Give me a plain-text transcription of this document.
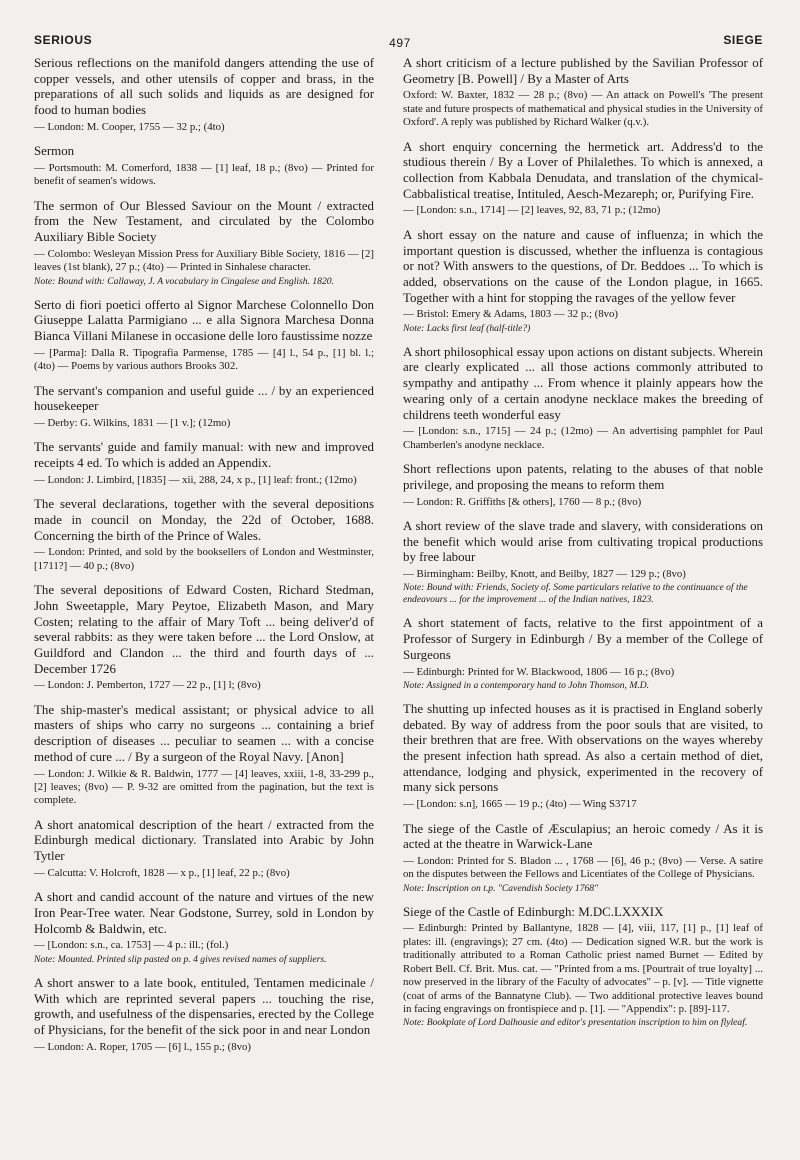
SERIOUS	497	SIEGE

Serious reflections on the manifold dangers attending the use of copper vessels, and other utensils of copper and brass, in the preparations of all such solids and liquids as are designed for food to human bodies

— London: M. Cooper, 1755 — 32 p.; (4to)

Sermon

— Portsmouth: M. Comerford, 1838 — [1] leaf, 18 p.; (8vo) — Printed for benefit of seamen's widows.

The sermon of Our Blessed Saviour on the Mount / extracted from the New Testament, and circulated by the Colombo Auxiliary Bible Society

— Colombo: Wesleyan Mission Press for Auxiliary Bible Society, 1816 — [2] leaves (1st blank), 27 p.; (4to) — Printed in Sinhalese character.

Note: Bound with: Callaway, J. A vocabulary in Cingalese and English. 1820.

Serto di fiori poetici offerto al Signor Marchese Colonnello Don Giuseppe Lalatta Parmigiano ... e alla Signora Marchesa Donna Bianca Villani Milanese in occasione delle loro faustissime nozze

— [Parma]: Dalla R. Tipografia Parmense, 1785 — [4] l., 54 p., [1] bl. l.; (4to) — Poems by various authors Brooks 302.

The servant's companion and useful guide ... / by an experienced housekeeper

— Derby: G. Wilkins, 1831 — [1 v.]; (12mo)

The servants' guide and family manual: with new and improved receipts 4 ed. To which is added an Appendix.

— London: J. Limbird, [1835] — xii, 288, 24, x p., [1] leaf: front.; (12mo)

The several declarations, together with the several depositions made in council on Monday, the 22d of October, 1688. Concerning the birth of the Prince of Wales.

— London: Printed, and sold by the booksellers of London and Westminster, [1711?] — 40 p.; (8vo)

The several depositions of Edward Costen, Richard Stedman, John Sweetapple, Mary Peytoe, Elizabeth Mason, and Mary Costen; relating to the affair of Mary Toft ... being deliver'd of several rabbits: as they were taken before ... the Lord Onslow, at Guildford and Clandon ... the third and fourth days of ... December 1726

— London: J. Pemberton, 1727 — 22 p., [1] l; (8vo)

The ship-master's medical assistant; or physical advice to all masters of ships who carry no surgeons ... containing a brief description of diseases ... peculiar to seamen ... with a concise method of cure ... / By a surgeon of the Royal Navy. [Anon]

— London: J. Wilkie & R. Baldwin, 1777 — [4] leaves, xxiii, 1-8, 33-299 p., [2] leaves; (8vo) — P. 9-32 are omitted from the pagination, but the text is complete.

A short anatomical description of the heart / extracted from the Edinburgh medical dictionary. Translated into Arabic by John Tytler

— Calcutta: V. Holcroft, 1828 — x p., [1] leaf, 22 p.; (8vo)

A short and candid account of the nature and virtues of the new Iron Pear-Tree water. Near Godstone, Surrey, sold in London by Holcomb & Baldwin, etc.

— [London: s.n., ca. 1753] — 4 p.: ill.; (fol.)

Note: Mounted. Printed slip pasted on p. 4 gives revised names of suppliers.

A short answer to a late book, entituled, Tentamen medicinale / With which are reprinted several papers ... touching the rise, growth, and usefulness of the dispensaries, erected by the College of Physicians, for the benefit of the sick poor in and near London

— London: A. Roper, 1705 — [6] l., 155 p.; (8vo)

A short criticism of a lecture published by the Savilian Professor of Geometry [B. Powell] / By a Master of Arts

Oxford: W. Baxter, 1832 — 28 p.; (8vo) — An attack on Powell's 'The present state and future prospects of mathematical and physical studies in the University of Oxford'. A reply was published by Richard Walker (q.v.).

A short enquiry concerning the hermetick art. Address'd to the studious therein / By a Lover of Philalethes. To which is annexed, a collection from Kabbala Denudata, and translation of the chymical-Cabbalistical treatise, Intituled, Aesch-Mezareph; or, Purifying Fire.

— [London: s.n., 1714] — [2] leaves, 92, 83, 71 p.; (12mo)

A short essay on the nature and cause of influenza; in which the important question is discussed, whether the influenza is contagious or not? With answers to the questions, of Dr. Beddoes ... To which is added, observations on the cause of the London plague, in 1665. Together with a hint for stopping the ravages of the yellow fever

— Bristol: Emery & Adams, 1803 — 32 p.; (8vo)

Note: Lacks first leaf (half-title?)

A short philosophical essay upon actions on distant subjects. Wherein are clearly explicated ... all those actions commonly attributed to sympathy and antipathy ... From whence it plainly appears how the wearing only of a certain anodyne necklace makes the breeding of childrens teeth wonderful easy

— [London: s.n., 1715] — 24 p.; (12mo) — An advertising pamphlet for Paul Chamberlen's anodyne necklace.

Short reflections upon patents, relating to the abuses of that noble privilege, and proposing the means to reform them

— London: R. Griffiths [& others], 1760 — 8 p.; (8vo)

A short review of the slave trade and slavery, with considerations on the benefit which would arise from cultivating tropical productions by free labour

— Birmingham: Beilby, Knott, and Beilby, 1827 — 129 p.; (8vo)

Note: Bound with: Friends, Society of. Some particulars relative to the continuance of the endeavours ... for the improvement ... of the Indian natives, 1823.

A short statement of facts, relative to the first appointment of a Professor of Surgery in Edinburgh / By a member of the College of Surgeons

— Edinburgh: Printed for W. Blackwood, 1806 — 16 p.; (8vo)

Note: Assigned in a contemporary hand to John Thomson, M.D.

The shutting up infected houses as it is practised in England soberly debated. By way of address from the poor souls that are visited, to their brethren that are free. With observations on the wayes whereby the present infection hath spread. As also a certain method of diet, attendance, lodging and physick, experimented in the recovery of many sick persons

— [London: s.n], 1665 — 19 p.; (4to) — Wing S3717

The siege of the Castle of Æsculapius; an heroic comedy / As it is acted at the theatre in Warwick-Lane

— London: Printed for S. Bladon ... , 1768 — [6], 46 p.; (8vo) — Verse. A satire on the disputes between the Fellows and Licentiates of the College of Physicians.

Note: Inscription on t.p. "Cavendish Society 1768"

Siege of the Castle of Edinburgh: M.DC.LXXXIX

— Edinburgh: Printed by Ballantyne, 1828 — [4], viii, 117, [1] p., [1] leaf of plates: ill. (engravings); 27 cm. (4to) — Dedication signed W.R. but the work is traditionally attributed to a Roman Catholic priest named Burnet — Edited by Robert Bell. Cf. Brit. Mus. cat. — "Printed from a ms. [Pourtrait of true loyalty] ... now preserved in the library of the Faculty of advocates" – p. [v]. — Title vignette (coat of arms of the Bannatyne Club). — Two additional protective leaves bound in facing engravings on frontispiece and p. [1]. — "Appendix": p. [89]-117.

Note: Bookplate of Lord Dalhousie and editor's presentation inscription to him on flyleaf.
